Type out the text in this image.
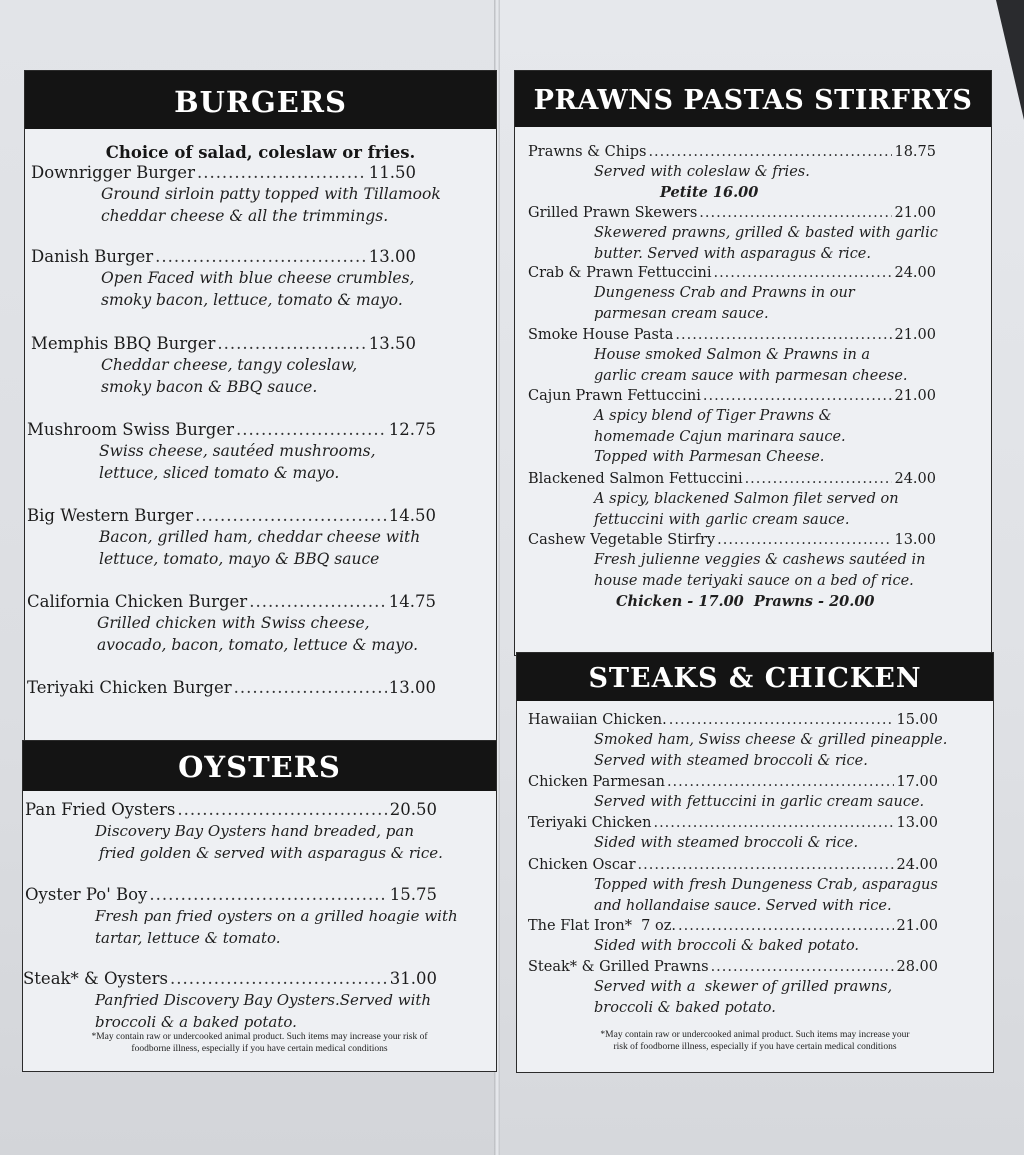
BURGERS
Choice of salad, coleslaw or fries.
Downrigger Burger .....	11.50
Ground sirloin patty topped with Tillamook
cheddar cheese & all the trimmings.
Danish Burger .....	13.00
Open Faced with blue cheese crumbles,
smoky bacon, lettuce, tomato & mayo.
Memphis BBQ Burger .....	13.50
Cheddar cheese, tangy coleslaw,
smoky bacon & BBQ sauce.
Mushroom Swiss Burger .....	12.75
Swiss cheese, sautéed mushrooms,
lettuce, sliced tomato & mayo.
Big Western Burger .....	14.50
Bacon, grilled ham, cheddar cheese with
lettuce, tomato, mayo & BBQ sauce
California Chicken Burger .....	14.75
Grilled chicken with Swiss cheese,
avocado, bacon, tomato, lettuce & mayo.
Teriyaki Chicken Burger .....	13.00
OYSTERS
Pan Fried Oysters .....	20.50
Discovery Bay Oysters hand breaded, pan
fried golden & served with asparagus & rice.
Oyster Po' Boy .....	15.75
Fresh pan fried oysters on a grilled hoagie with
tartar, lettuce & tomato.
Steak* & Oysters .....	31.00
Panfried Discovery Bay Oysters.Served with
broccoli & a baked potato.
*May contain raw or undercooked animal product. Such items may increase your risk of
foodborne illness, especially if you have certain medical conditions
PRAWNS PASTAS STIRFRYS
Prawns & Chips .....	18.75
Served with coleslaw & fries.
Petite 16.00
Grilled Prawn Skewers .....	21.00
Skewered prawns, grilled & basted with garlic
butter. Served with asparagus & rice.
Crab & Prawn Fettuccini .....	24.00
Dungeness Crab and Prawns in our
parmesan cream sauce.
Smoke House Pasta .....	21.00
House smoked Salmon & Prawns in a
garlic cream sauce with parmesan cheese.
Cajun Prawn Fettuccini .....	21.00
A spicy blend of Tiger Prawns &
homemade Cajun marinara sauce.
Topped with Parmesan Cheese.
Blackened Salmon Fettuccini .....	24.00
A spicy, blackened Salmon filet served on
fettuccini with garlic cream sauce.
Cashew Vegetable Stirfry .....	13.00
Fresh julienne veggies & cashews sautéed in
house made teriyaki sauce on a bed of rice.
Chicken - 17.00  Prawns - 20.00
STEAKS & CHICKEN
Hawaiian Chicken. .....	15.00
Smoked ham, Swiss cheese & grilled pineapple.
Served with steamed broccoli & rice.
Chicken Parmesan .....	17.00
Served with fettuccini in garlic cream sauce.
Teriyaki Chicken .....	13.00
Sided with steamed broccoli & rice.
Chicken Oscar .....	24.00
Topped with fresh Dungeness Crab, asparagus
and hollandaise sauce. Served with rice.
The Flat Iron*  7 oz. .....	21.00
Sided with broccoli & baked potato.
Steak* & Grilled Prawns .....	28.00
Served with a  skewer of grilled prawns,
broccoli & baked potato.
*May contain raw or undercooked animal product. Such items may increase your
risk of foodborne illness, especially if you have certain medical conditions
